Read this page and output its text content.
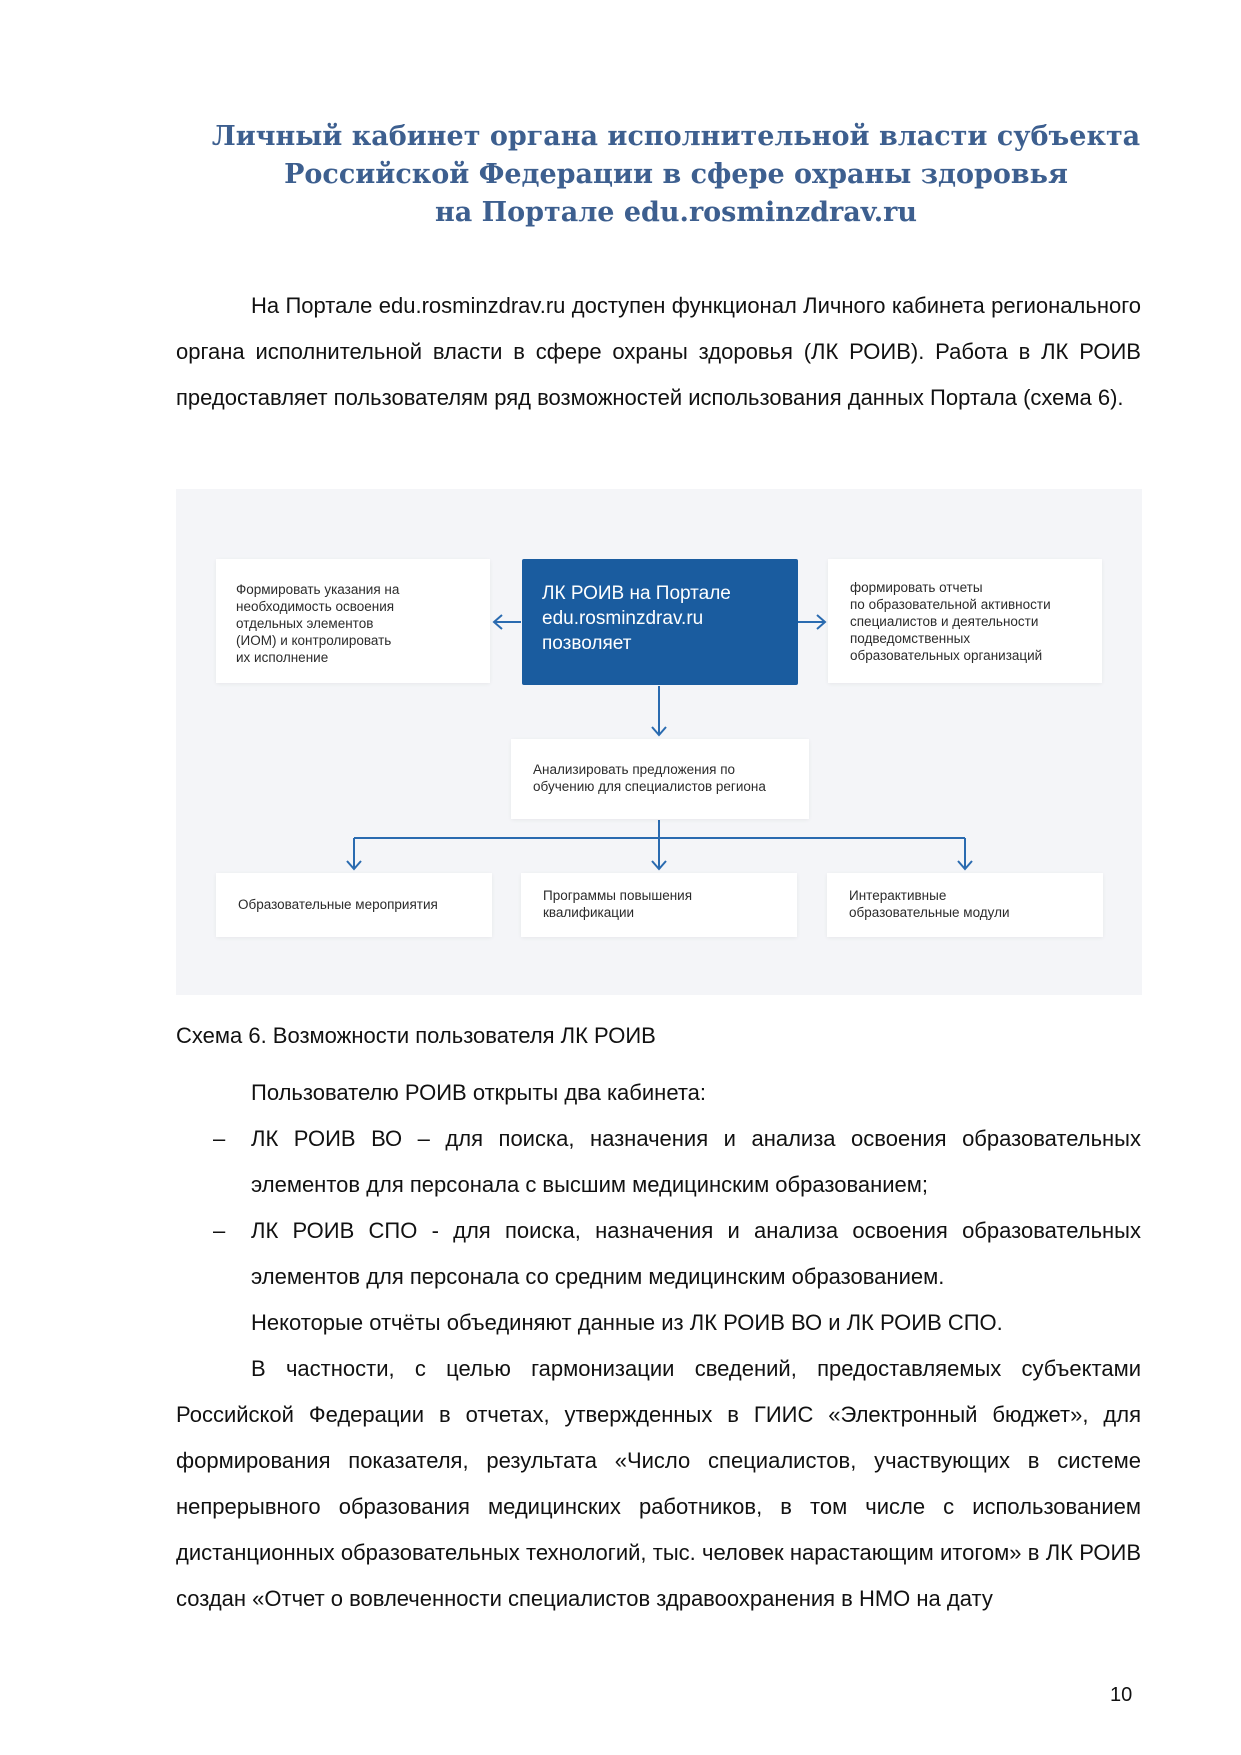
Личный кабинет органа исполнительной власти субъекта
Российской Федерации в сфере охраны здоровья
на Портале edu.rosminzdrav.ru

На Портале edu.rosminzdrav.ru доступен функционал Личного кабинета регионального органа исполнительной власти в сфере охраны здоровья (ЛК РОИВ). Работа в ЛК РОИВ предоставляет пользователям ряд возможностей использования данных Портала (схема 6).

Формировать указания на
необходимость освоения
отдельных элементов
(ИОМ) и контролировать
их исполнение
ЛК РОИВ на Портале
edu.rosminzdrav.ru
позволяет
формировать отчеты
по образовательной активности
специалистов и деятельности
подведомственных
образовательных организаций
Анализировать предложения по
обучению для специалистов региона
Образовательные мероприятия
Программы повышения
квалификации
Интерактивные
образовательные модули

Схема 6. Возможности пользователя ЛК РОИВ

Пользователю РОИВ открыты два кабинета:

‒ ЛК РОИВ ВО – для поиска, назначения и анализа освоения образовательных элементов для персонала с высшим медицинским образованием;

‒ ЛК РОИВ СПО - для поиска, назначения и анализа освоения образовательных элементов для персонала со средним медицинским образованием.

Некоторые отчёты объединяют данные из ЛК РОИВ ВО и ЛК РОИВ СПО.

В частности, с целью гармонизации сведений, предоставляемых субъектами Российской Федерации в отчетах, утвержденных в ГИИС «Электронный бюджет», для формирования показателя, результата «Число специалистов, участвующих в системе непрерывного образования медицинских работников, в том числе с использованием дистанционных образовательных технологий, тыс. человек нарастающим итогом» в ЛК РОИВ создан «Отчет о вовлеченности специалистов здравоохранения в НМО на дату

10
